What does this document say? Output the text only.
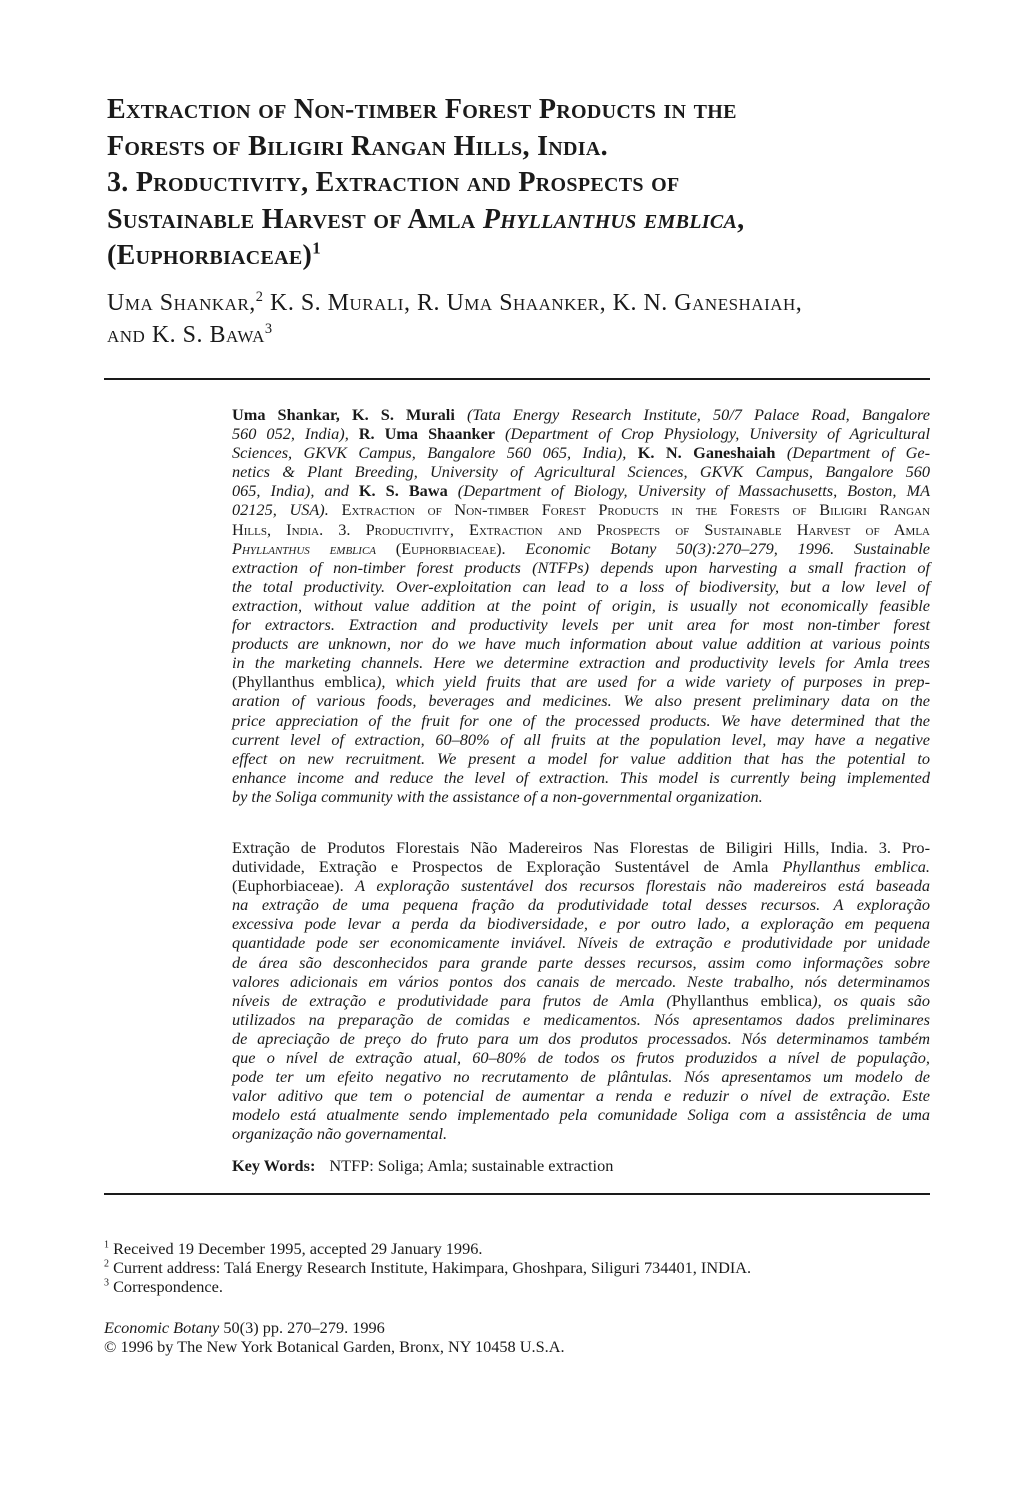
Extraction of Non-timber Forest Products in the
Forests of Biligiri Rangan Hills, India.
3. Productivity, Extraction and Prospects of
Sustainable Harvest of Amla Phyllanthus emblica,
(Euphorbiaceae)$^1$
Uma Shankar,$^2$ K. S. Murali, R. Uma Shaanker, K. N. Ganeshaiah,
and K. S. Bawa$^3$
Uma Shankar, K. S. Murali (Tata Energy Research Institute, 50/7 Palace Road, Bangalore
560 052, India), R. Uma Shaanker (Department of Crop Physiology, University of Agricultural
Sciences, GKVK Campus, Bangalore 560 065, India), K. N. Ganeshaiah (Department of Ge-
netics & Plant Breeding, University of Agricultural Sciences, GKVK Campus, Bangalore 560
065, India), and K. S. Bawa (Department of Biology, University of Massachusetts, Boston, MA
02125, USA). Extraction of Non-timber Forest Products in the Forests of Biligiri Rangan
Hills, India. 3. Productivity, Extraction and Prospects of Sustainable Harvest of Amla
Phyllanthus emblica (Euphorbiaceae). Economic Botany 50(3):270–279, 1996. Sustainable
extraction of non-timber forest products (NTFPs) depends upon harvesting a small fraction of
the total productivity. Over-exploitation can lead to a loss of biodiversity, but a low level of
extraction, without value addition at the point of origin, is usually not economically feasible
for extractors. Extraction and productivity levels per unit area for most non-timber forest
products are unknown, nor do we have much information about value addition at various points
in the marketing channels. Here we determine extraction and productivity levels for Amla trees
(Phyllanthus emblica), which yield fruits that are used for a wide variety of purposes in prep-
aration of various foods, beverages and medicines. We also present preliminary data on the
price appreciation of the fruit for one of the processed products. We have determined that the
current level of extraction, 60–80% of all fruits at the population level, may have a negative
effect on new recruitment. We present a model for value addition that has the potential to
enhance income and reduce the level of extraction. This model is currently being implemented
by the Soliga community with the assistance of a non-governmental organization.
Extração de Produtos Florestais Não Madereiros Nas Florestas de Biligiri Hills, India. 3. Pro-
dutividade, Extração e Prospectos de Exploração Sustentável de Amla Phyllanthus emblica.
(Euphorbiaceae). A exploração sustentável dos recursos florestais não madereiros está baseada
na extração de uma pequena fração da produtividade total desses recursos. A exploração
excessiva pode levar a perda da biodiversidade, e por outro lado, a exploração em pequena
quantidade pode ser economicamente inviável. Níveis de extração e produtividade por unidade
de área são desconhecidos para grande parte desses recursos, assim como informações sobre
valores adicionais em vários pontos dos canais de mercado. Neste trabalho, nós determinamos
níveis de extração e produtividade para frutos de Amla (Phyllanthus emblica), os quais são
utilizados na preparação de comidas e medicamentos. Nós apresentamos dados preliminares
de apreciação de preço do fruto para um dos produtos processados. Nós determinamos também
que o nível de extração atual, 60–80% de todos os frutos produzidos a nível de população,
pode ter um efeito negativo no recrutamento de plântulas. Nós apresentamos um modelo de
valor aditivo que tem o potencial de aumentar a renda e reduzir o nível de extração. Este
modelo está atualmente sendo implementado pela comunidade Soliga com a assistência de uma
organização não governamental.
Key Words: NTFP: Soliga; Amla; sustainable extraction
$^1$ Received 19 December 1995, accepted 29 January 1996.
$^2$ Current address: Talá Energy Research Institute, Hakimpara, Ghoshpara, Siliguri 734401, INDIA.
$^3$ Correspondence.
Economic Botany 50(3) pp. 270–279. 1996
© 1996 by The New York Botanical Garden, Bronx, NY 10458 U.S.A.
